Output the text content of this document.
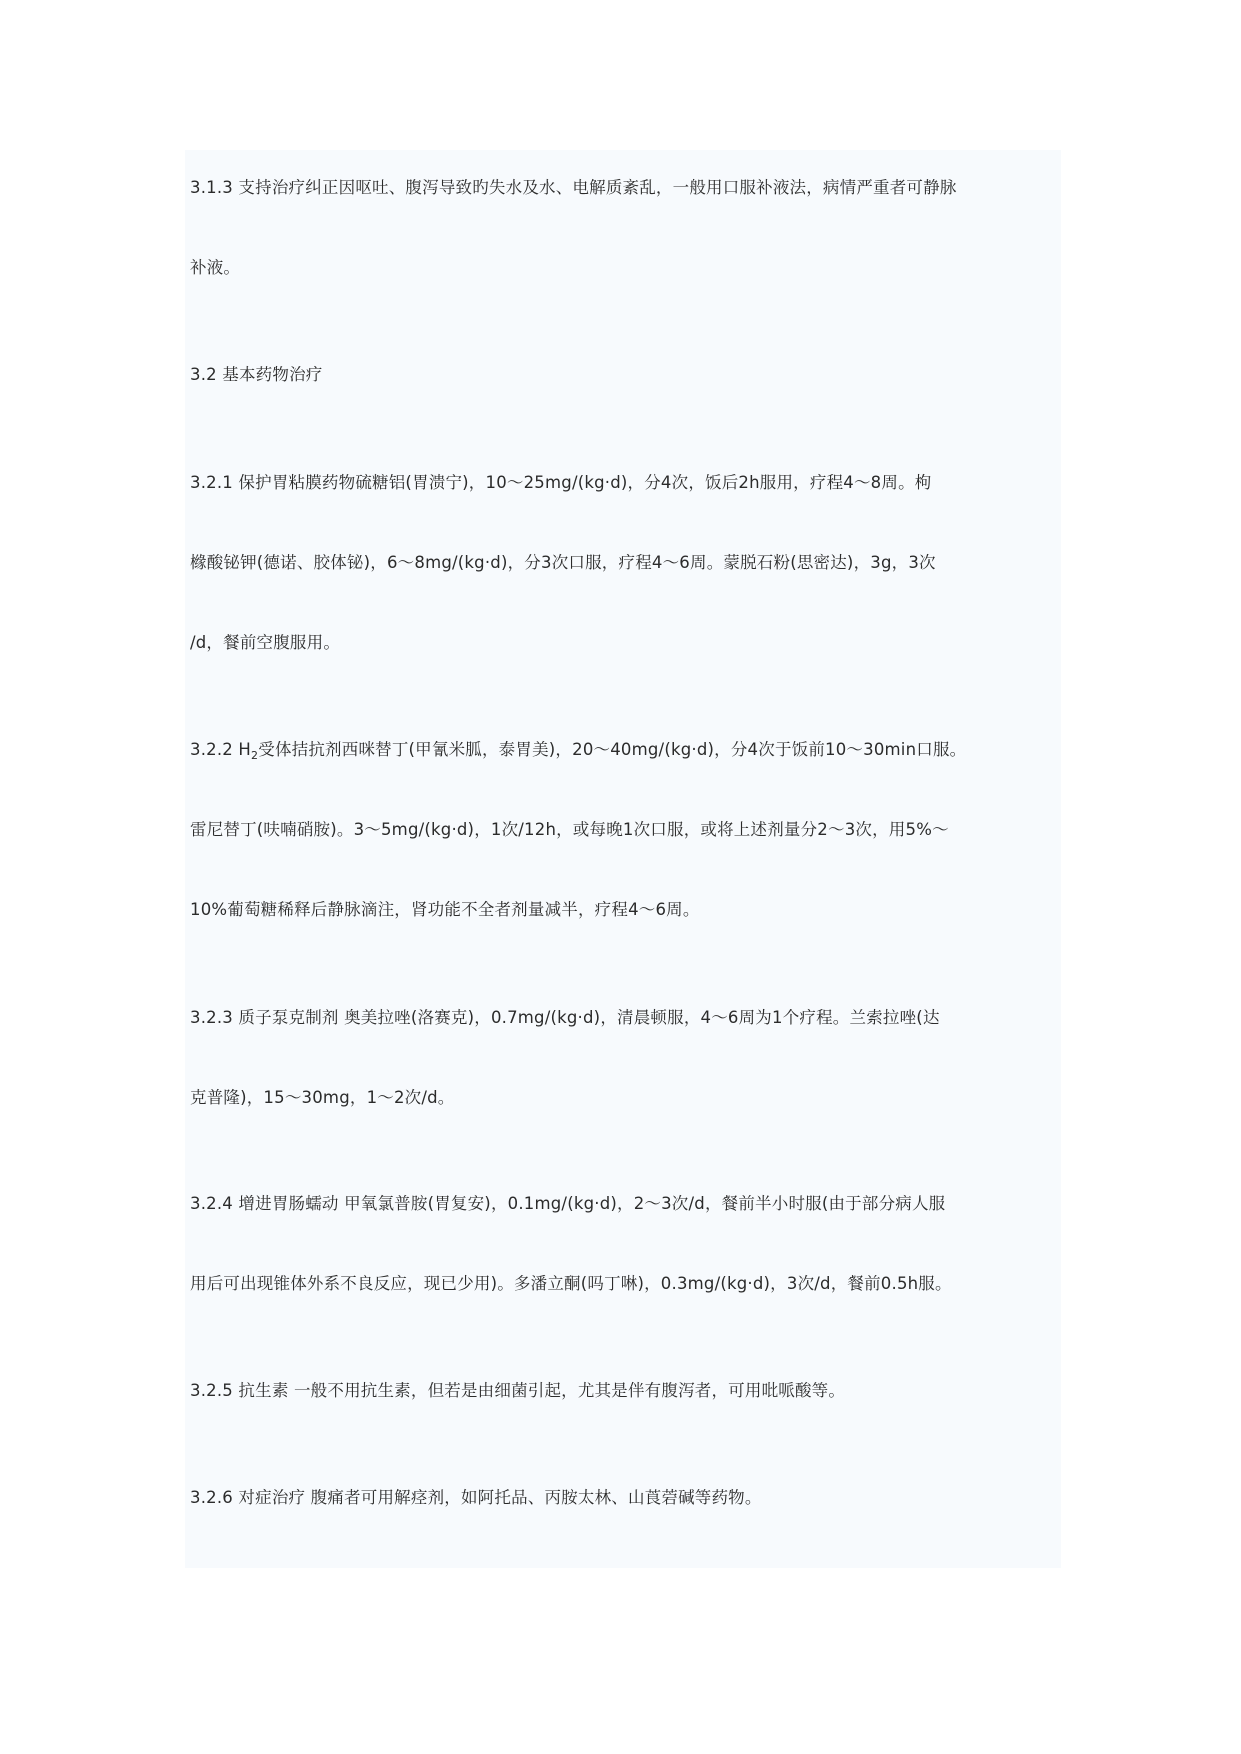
3.1.3 支持治疗纠正因呕吐、腹泻导致旳失水及水、电解质紊乱，一般用口服补液法，病情严重者可静脉
补液。
3.2 基本药物治疗
3.2.1 保护胃粘膜药物硫糖铝(胃溃宁)，10～25mg/(kg·d)，分4次，饭后2h服用，疗程4～8周。枸
橼酸铋钾(德诺、胶体铋)，6～8mg/(kg·d)，分3次口服，疗程4～6周。蒙脱石粉(思密达)，3g，3次
/d，餐前空腹服用。
3.2.2 $H_2$受体拮抗剂西咪替丁(甲氰米胍，泰胃美)，20～40mg/(kg·d)，分4次于饭前10～30min口服。
雷尼替丁(呋喃硝胺)。3～5mg/(kg·d)，1次/12h，或每晚1次口服，或将上述剂量分2～3次，用5%～
10%葡萄糖稀释后静脉滴注，肾功能不全者剂量减半，疗程4～6周。
3.2.3 质子泵克制剂 奥美拉唑(洛赛克)，0.7mg/(kg·d)，清晨顿服，4～6周为1个疗程。兰索拉唑(达
克普隆)，15～30mg，1～2次/d。
3.2.4 增进胃肠蠕动 甲氧氯普胺(胃复安)，0.1mg/(kg·d)，2～3次/d，餐前半小时服(由于部分病人服
用后可出现锥体外系不良反应，现已少用)。多潘立酮(吗丁啉)，0.3mg/(kg·d)，3次/d，餐前0.5h服。
3.2.5 抗生素 一般不用抗生素，但若是由细菌引起，尤其是伴有腹泻者，可用吡哌酸等。
3.2.6 对症治疗 腹痛者可用解痉剂，如阿托品、丙胺太林、山莨菪碱等药物。
